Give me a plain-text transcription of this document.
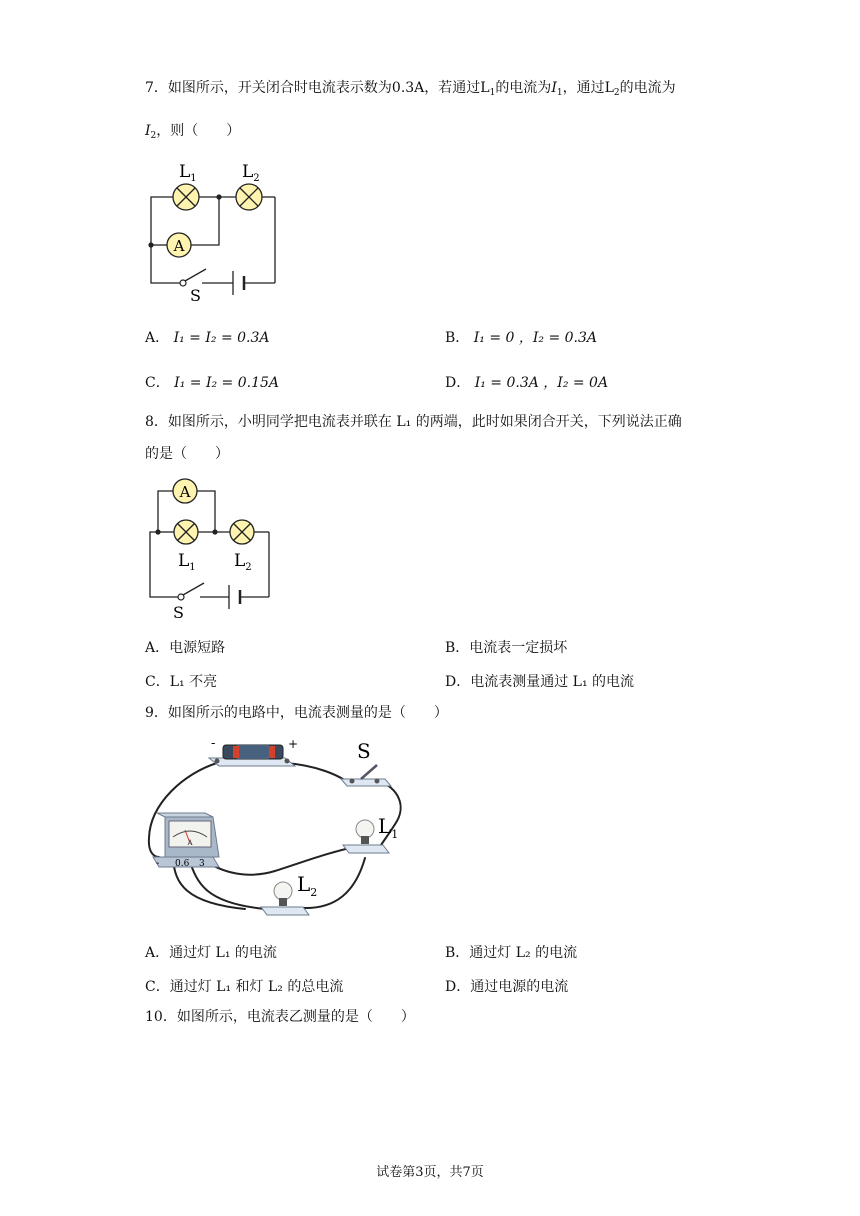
7．如图所示，开关闭合时电流表示数为0.3A，若通过$L_1$的电流为$I_1$，通过$L_2$的电流为
$I_2$，则（　　）
A
$L_1$	$L_2$
S
A． I₁ = I₂ = 0.3A	B． I₁ = 0 ，I₂ = 0.3A
C． I₁ = I₂ = 0.15A	D． I₁ = 0.3A ，I₂ = 0A
8．如图所示，小明同学把电流表并联在 L₁ 的两端，此时如果闭合开关，下列说法正确
的是（　　）
A
$L_1$ $L_2$
S
A．电源短路	B．电流表一定损坏
C．L₁ 不亮	D．电流表测量通过 L₁ 的电流
9．如图所示的电路中，电流表测量的是（　　）
-	+	S
$L_1$
$L_2$
A
- 0.6 3
A．通过灯 L₁ 的电流	B．通过灯 L₂ 的电流
C．通过灯 L₁ 和灯 L₂ 的总电流	D．通过电源的电流
10．如图所示，电流表乙测量的是（　　）
试卷第3页，共7页
